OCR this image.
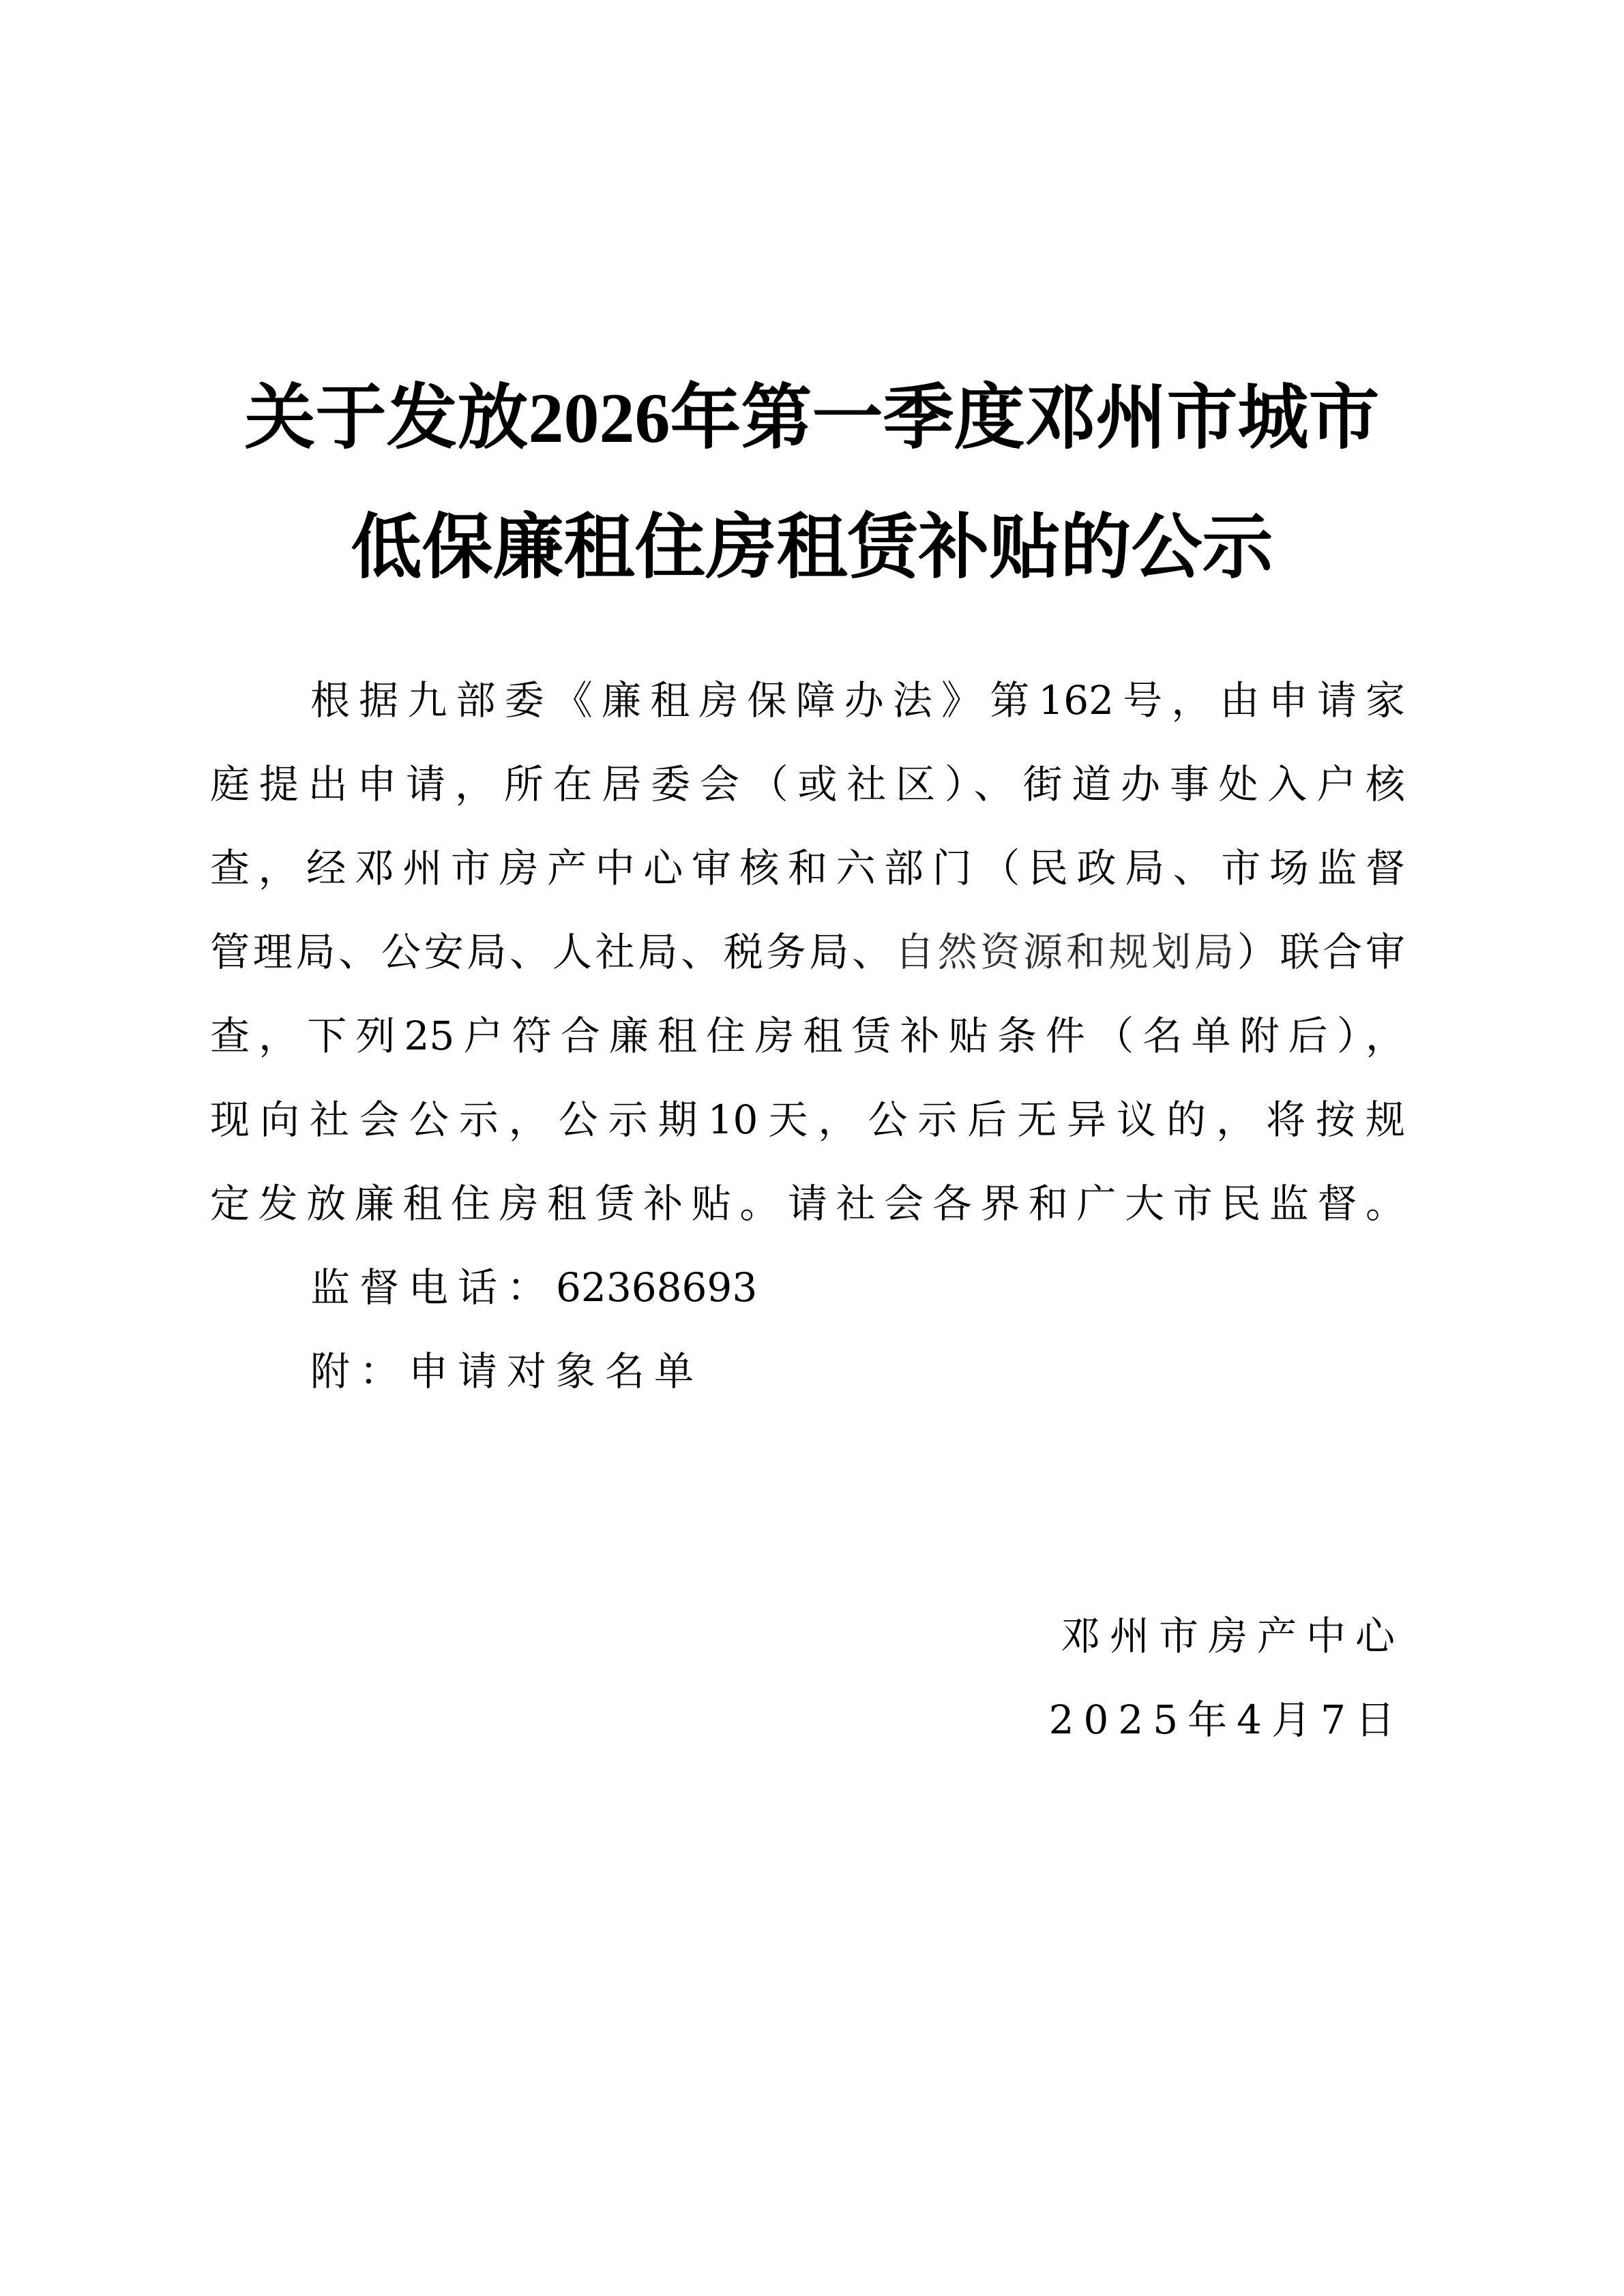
关于发放2026年第一季度邓州市城市
低保廉租住房租赁补贴的公示
根据九部委《廉租房保障办法》第162号，由申请家
庭提出申请，所在居委会（或社区）、街道办事处入户核
查，经邓州市房产中心审核和六部门（民政局、市场监督
管理局、公安局、人社局、税务局、自然资源和规划局）联合审
查，下列25户符合廉租住房租赁补贴条件（名单附后），
现向社会公示，公示期10天，公示后无异议的，将按规
定发放廉租住房租赁补贴。请社会各界和广大市民监督。
监督电话：62368693
附：申请对象名单
邓州市房产中心
2025年4月7日
